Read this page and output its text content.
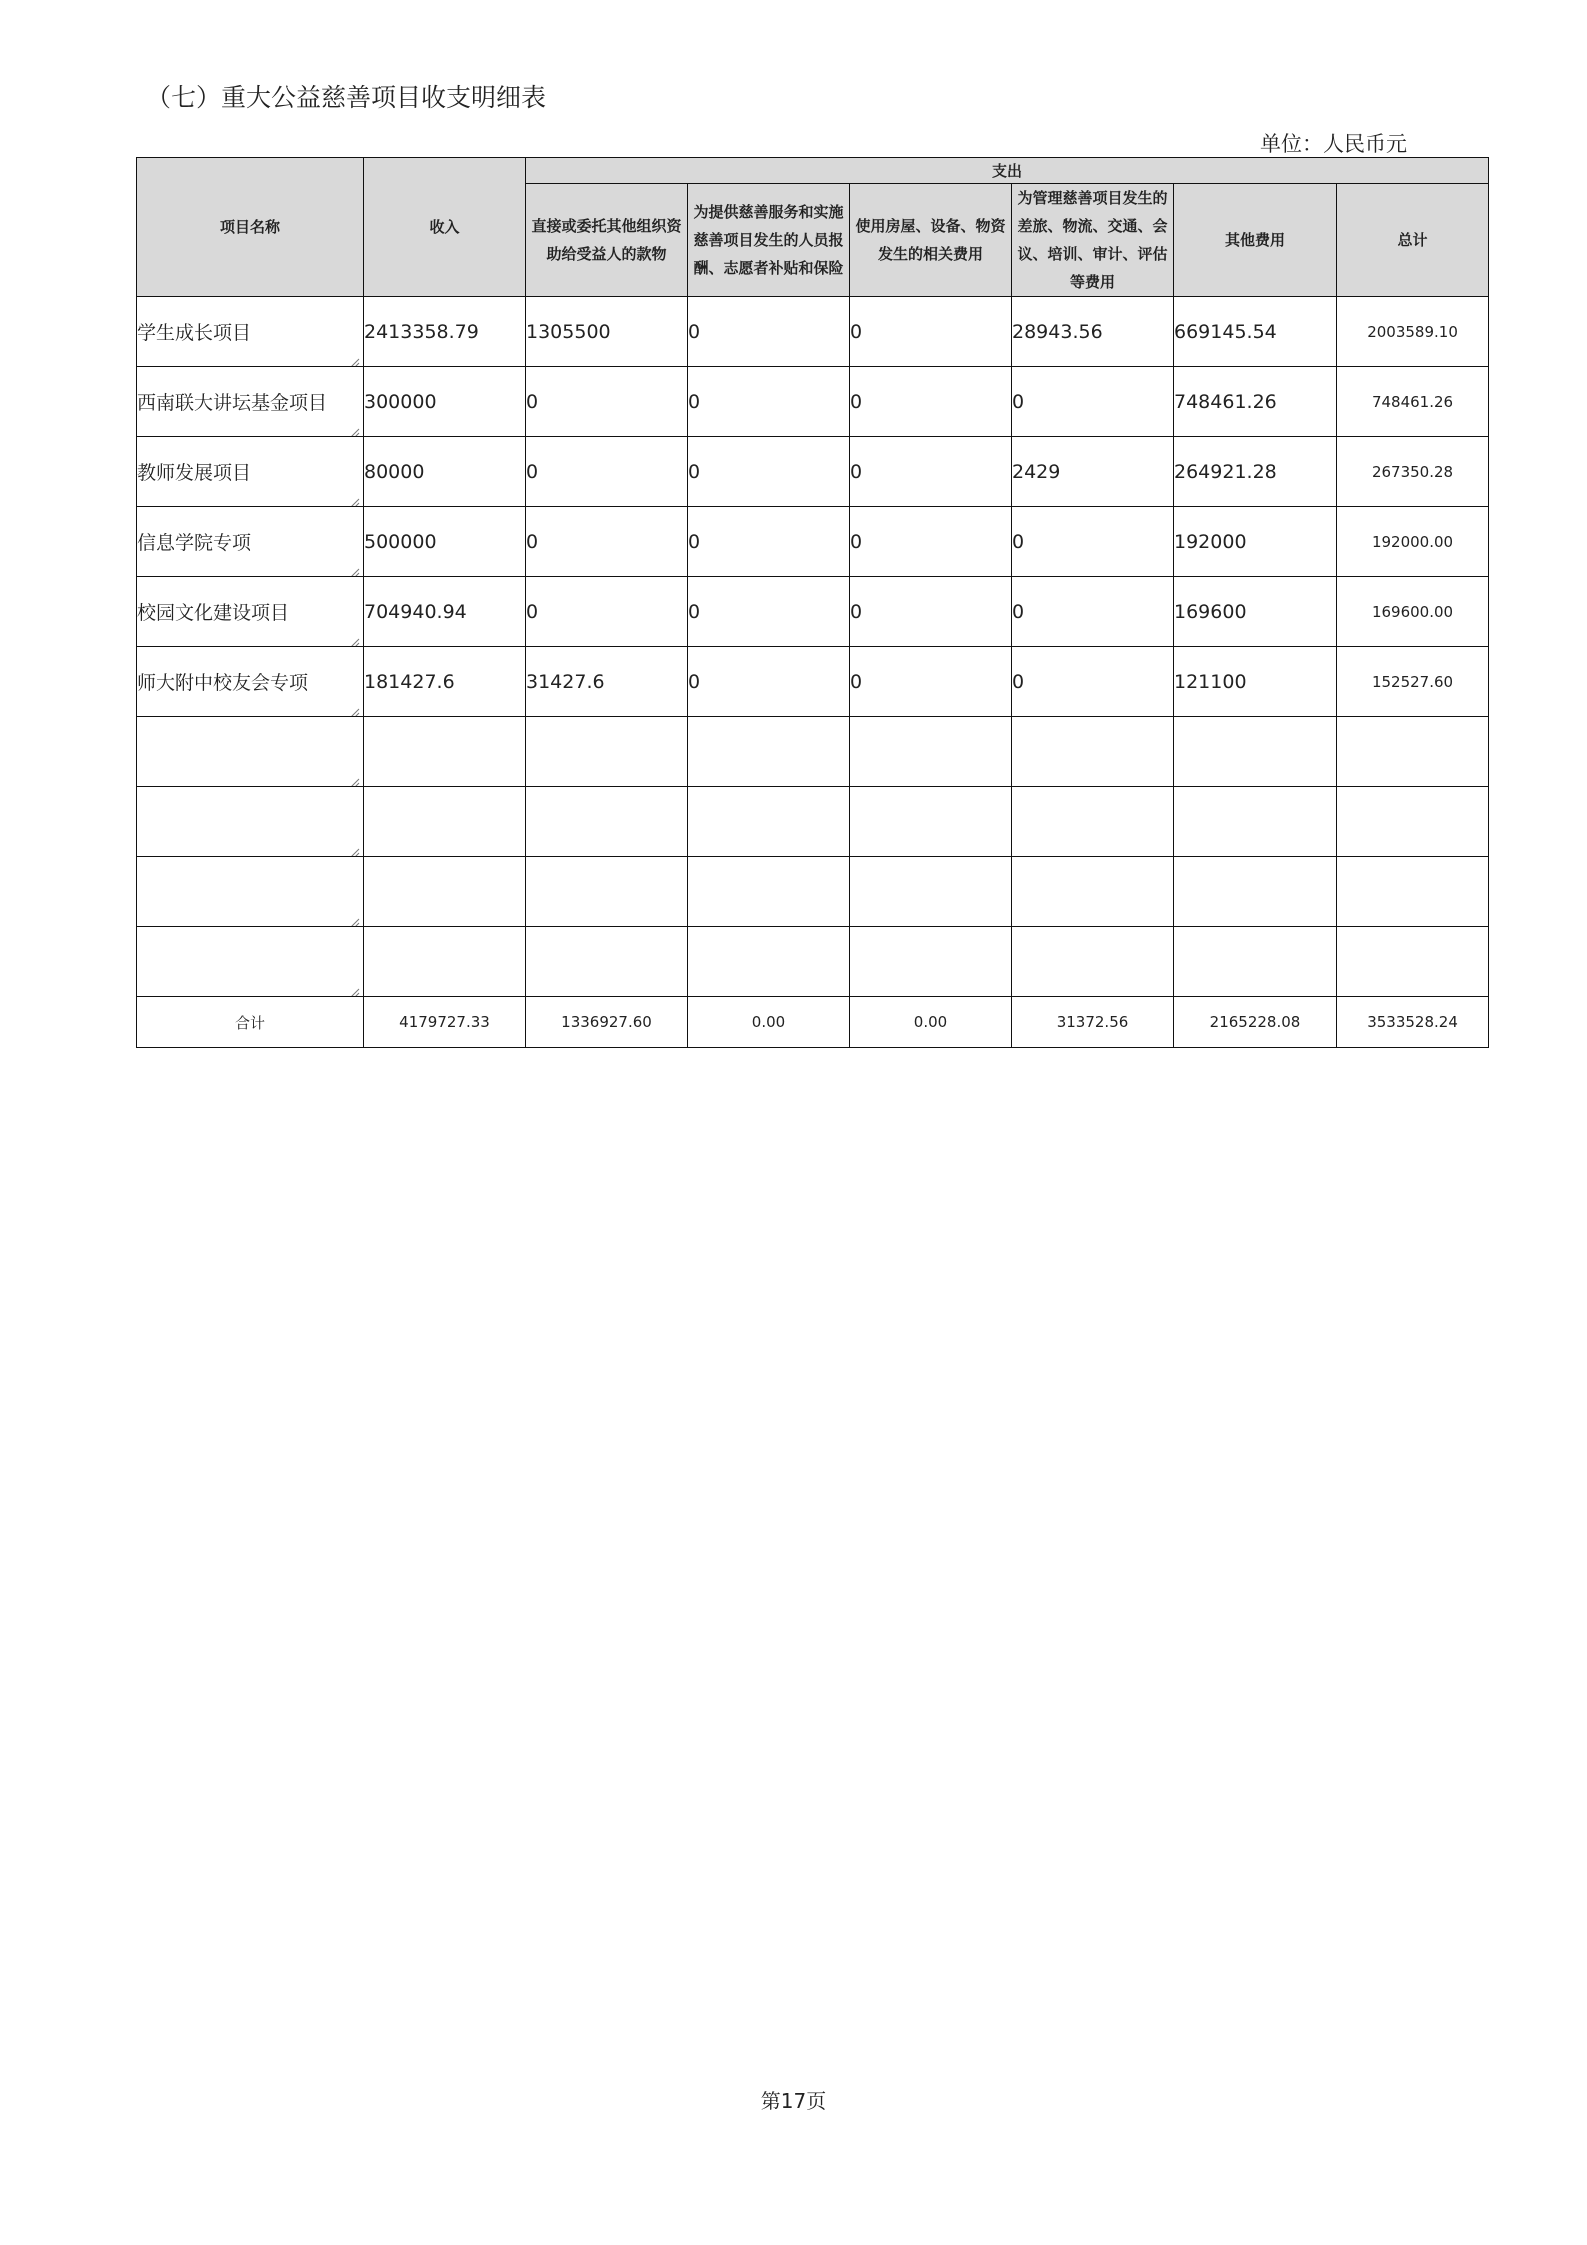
（七）重大公益慈善项目收支明细表
单位：人民币元
项目名称	收入	支出					
		直接或委托其他组织资助给受益人的款物	为提供慈善服务和实施慈善项目发生的人员报酬、志愿者补贴和保险	使用房屋、设备、物资发生的相关费用	为管理慈善项目发生的差旅、物流、交通、会议、培训、审计、评估等费用	其他费用	总计
学生成长项目	2413358.79	1305500	0	0	28943.56	669145.54	2003589.10
西南联大讲坛基金项目	300000	0	0	0	0	748461.26	748461.26
教师发展项目	80000	0	0	0	2429	264921.28	267350.28
信息学院专项	500000	0	0	0	0	192000	192000.00
校园文化建设项目	704940.94	0	0	0	0	169600	169600.00
师大附中校友会专项	181427.6	31427.6	0	0	0	121100	152527.60

合计	4179727.33	1336927.60	0.00	0.00	31372.56	2165228.08	3533528.24
第17页
